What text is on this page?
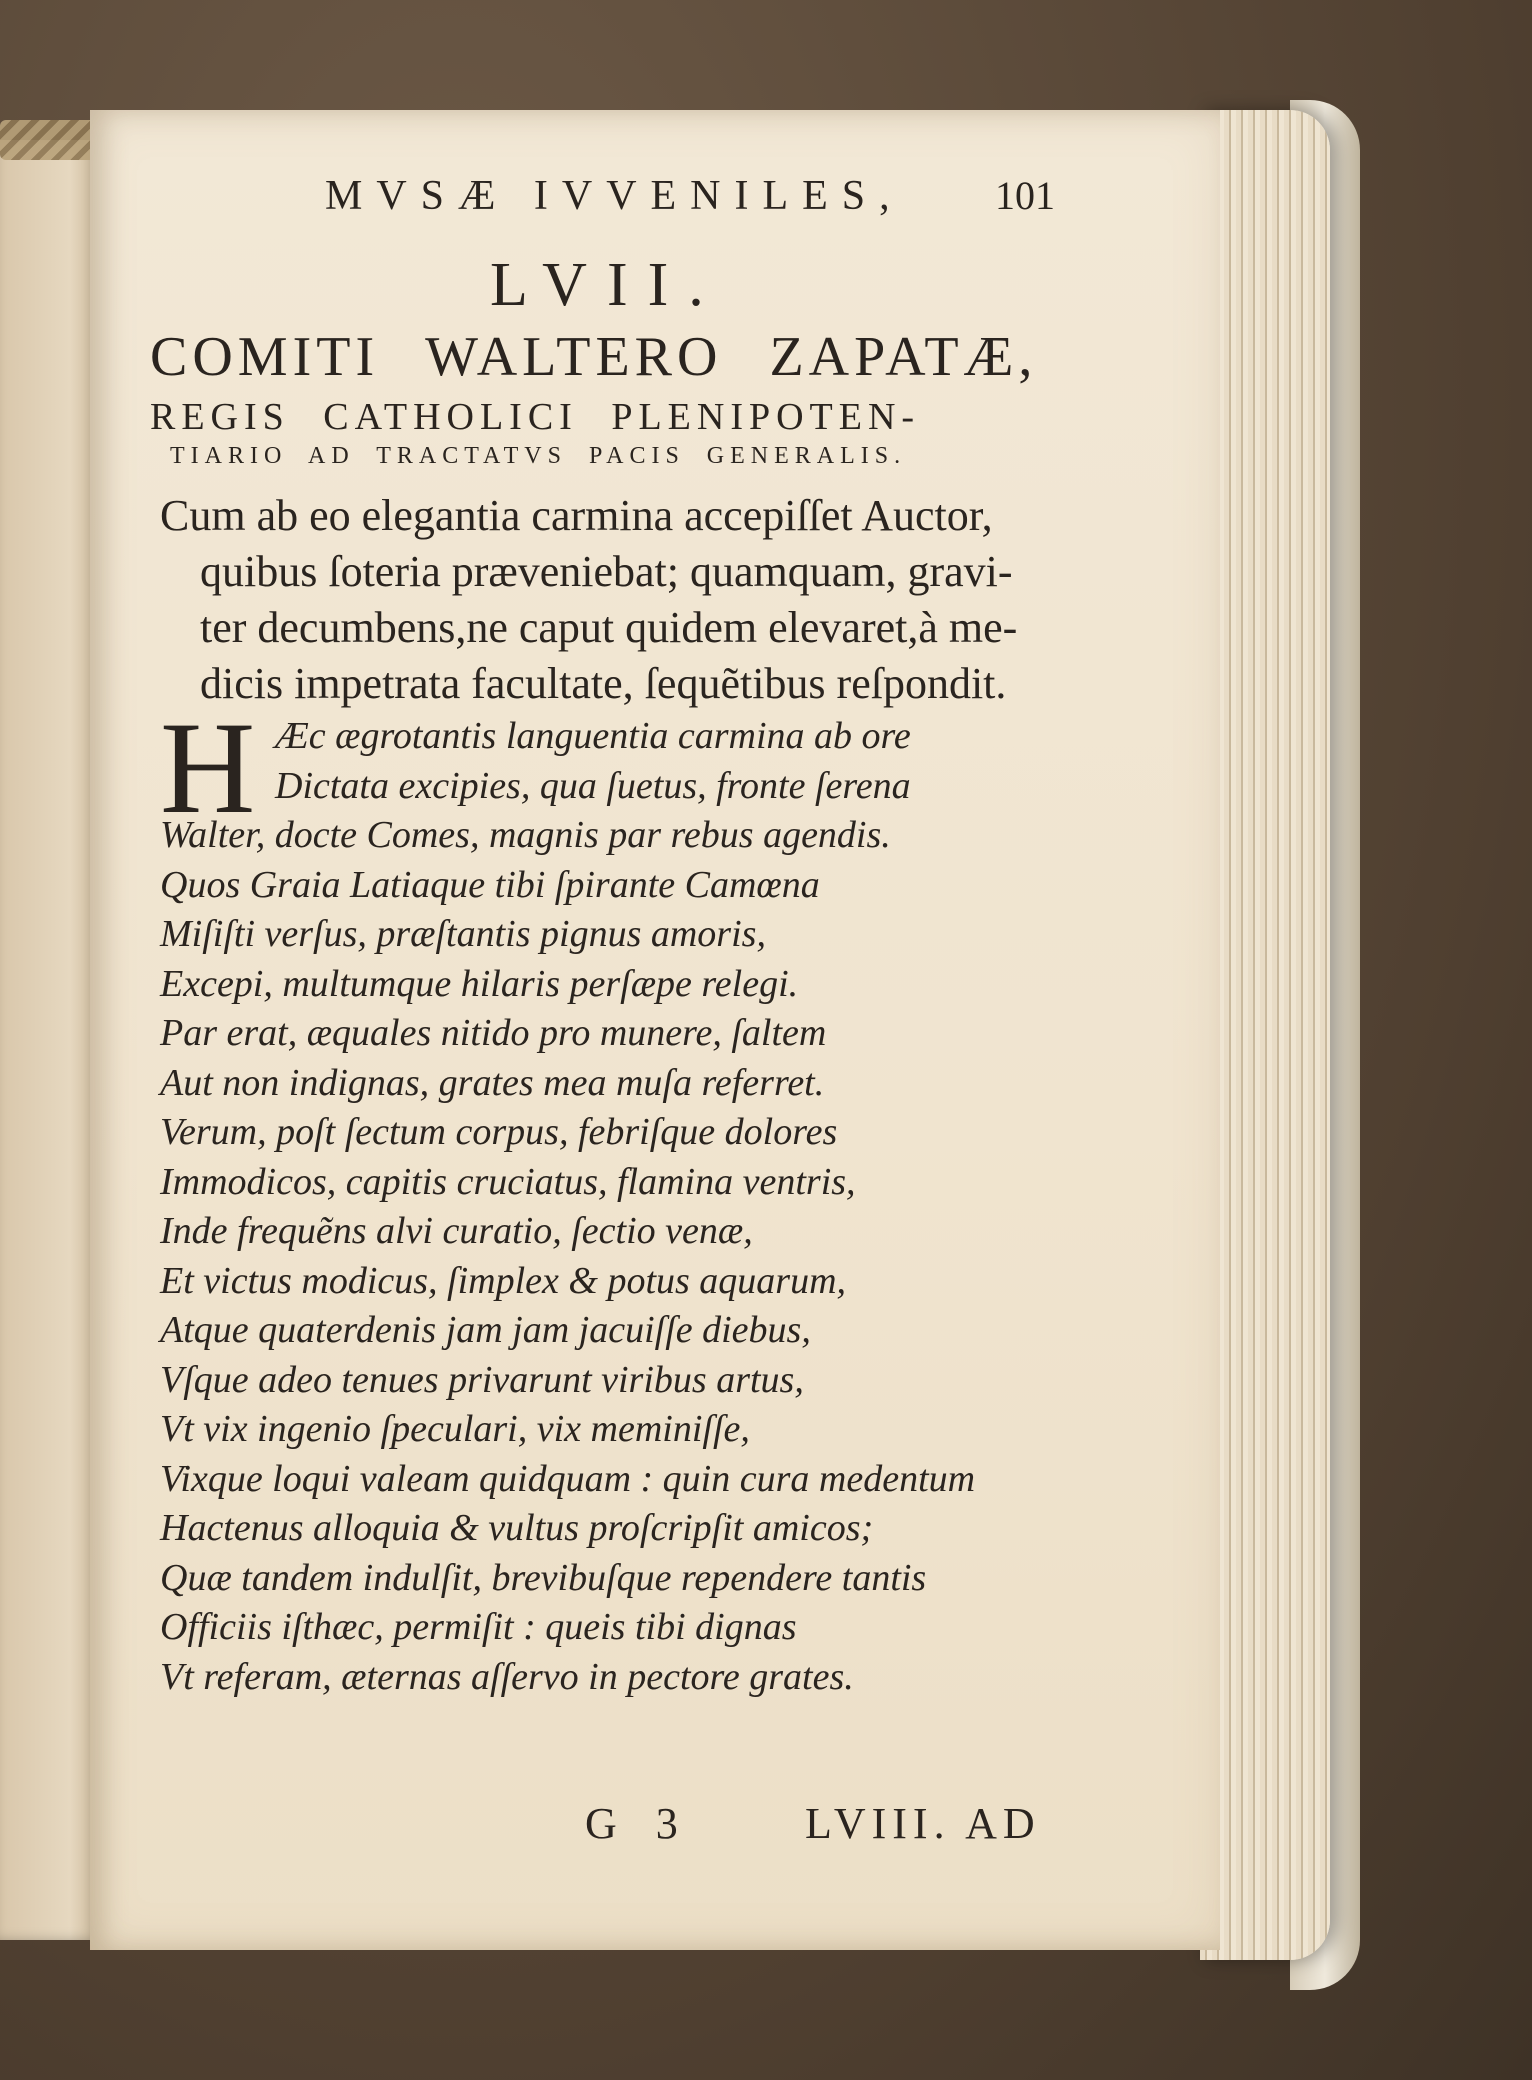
MVSÆ IVVENILES, 101
LVII.
COMITI WALTERO ZAPATÆ,
REGIS CATHOLICI PLENIPOTEN-
TIARIO AD TRACTATVS PACIS GENERALIS.
Cum ab eo elegantia carmina accepiſſet Auctor,
quibus ſoteria præveniebat; quamquam, gravi-
ter decumbens,ne caput quidem elevaret,à me-
dicis impetrata facultate, ſequẽtibus reſpondit.
H Æc ægrotantis languentia carmina ab ore
Dictata excipies, qua ſuetus, fronte ſerena
Walter, docte Comes, magnis par rebus agendis.
Quos Graia Latiaque tibi ſpirante Camœna
Miſiſti verſus, præſtantis pignus amoris,
Excepi, multumque hilaris perſæpe relegi.
Par erat, æquales nitido pro munere, ſaltem
Aut non indignas, grates mea muſa referret.
Verum, poſt ſectum corpus, febriſque dolores
Immodicos, capitis cruciatus, flamina ventris,
Inde frequẽns alvi curatio, ſectio venæ,
Et victus modicus, ſimplex & potus aquarum,
Atque quaterdenis jam jam jacuiſſe diebus,
Vſque adeo tenues privarunt viribus artus,
Vt vix ingenio ſpeculari, vix meminiſſe,
Vixque loqui valeam quidquam : quin cura medentum
Hactenus alloquia & vultus proſcripſit amicos;
Quæ tandem indulſit, brevibuſque rependere tantis
Officiis iſthæc, permiſit : queis tibi dignas
Vt referam, æternas aſſervo in pectore grates.
G 3	LVIII. AD
